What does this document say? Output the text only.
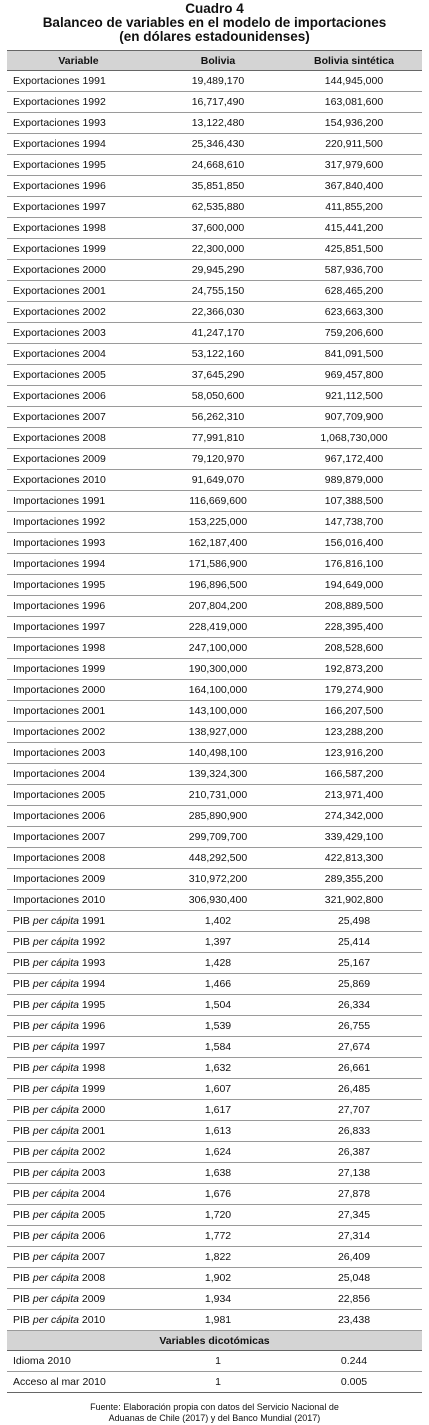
Cuadro 4
Balanceo de variables en el modelo de importaciones
(en dólares estadounidenses)
Variable	Bolivia	Bolivia sintética
Exportaciones 1991	19,489,170	144,945,000
Exportaciones 1992	16,717,490	163,081,600
Exportaciones 1993	13,122,480	154,936,200
Exportaciones 1994	25,346,430	220,911,500
Exportaciones 1995	24,668,610	317,979,600
Exportaciones 1996	35,851,850	367,840,400
Exportaciones 1997	62,535,880	411,855,200
Exportaciones 1998	37,600,000	415,441,200
Exportaciones 1999	22,300,000	425,851,500
Exportaciones 2000	29,945,290	587,936,700
Exportaciones 2001	24,755,150	628,465,200
Exportaciones 2002	22,366,030	623,663,300
Exportaciones 2003	41,247,170	759,206,600
Exportaciones 2004	53,122,160	841,091,500
Exportaciones 2005	37,645,290	969,457,800
Exportaciones 2006	58,050,600	921,112,500
Exportaciones 2007	56,262,310	907,709,900
Exportaciones 2008	77,991,810	1,068,730,000
Exportaciones 2009	79,120,970	967,172,400
Exportaciones 2010	91,649,070	989,879,000
Importaciones 1991	116,669,600	107,388,500
Importaciones 1992	153,225,000	147,738,700
Importaciones 1993	162,187,400	156,016,400
Importaciones 1994	171,586,900	176,816,100
Importaciones 1995	196,896,500	194,649,000
Importaciones 1996	207,804,200	208,889,500
Importaciones 1997	228,419,000	228,395,400
Importaciones 1998	247,100,000	208,528,600
Importaciones 1999	190,300,000	192,873,200
Importaciones 2000	164,100,000	179,274,900
Importaciones 2001	143,100,000	166,207,500
Importaciones 2002	138,927,000	123,288,200
Importaciones 2003	140,498,100	123,916,200
Importaciones 2004	139,324,300	166,587,200
Importaciones 2005	210,731,000	213,971,400
Importaciones 2006	285,890,900	274,342,000
Importaciones 2007	299,709,700	339,429,100
Importaciones 2008	448,292,500	422,813,300
Importaciones 2009	310,972,200	289,355,200
Importaciones 2010	306,930,400	321,902,800
PIB per cápita 1991	1,402	25,498
PIB per cápita 1992	1,397	25,414
PIB per cápita 1993	1,428	25,167
PIB per cápita 1994	1,466	25,869
PIB per cápita 1995	1,504	26,334
PIB per cápita 1996	1,539	26,755
PIB per cápita 1997	1,584	27,674
PIB per cápita 1998	1,632	26,661
PIB per cápita 1999	1,607	26,485
PIB per cápita 2000	1,617	27,707
PIB per cápita 2001	1,613	26,833
PIB per cápita 2002	1,624	26,387
PIB per cápita 2003	1,638	27,138
PIB per cápita 2004	1,676	27,878
PIB per cápita 2005	1,720	27,345
PIB per cápita 2006	1,772	27,314
PIB per cápita 2007	1,822	26,409
PIB per cápita 2008	1,902	25,048
PIB per cápita 2009	1,934	22,856
PIB per cápita 2010	1,981	23,438
Variables dicotómicas		
Idioma 2010	1	0.244
Acceso al mar 2010	1	0.005
Fuente: Elaboración propia con datos del Servicio Nacional de
Aduanas de Chile (2017) y del Banco Mundial (2017)
